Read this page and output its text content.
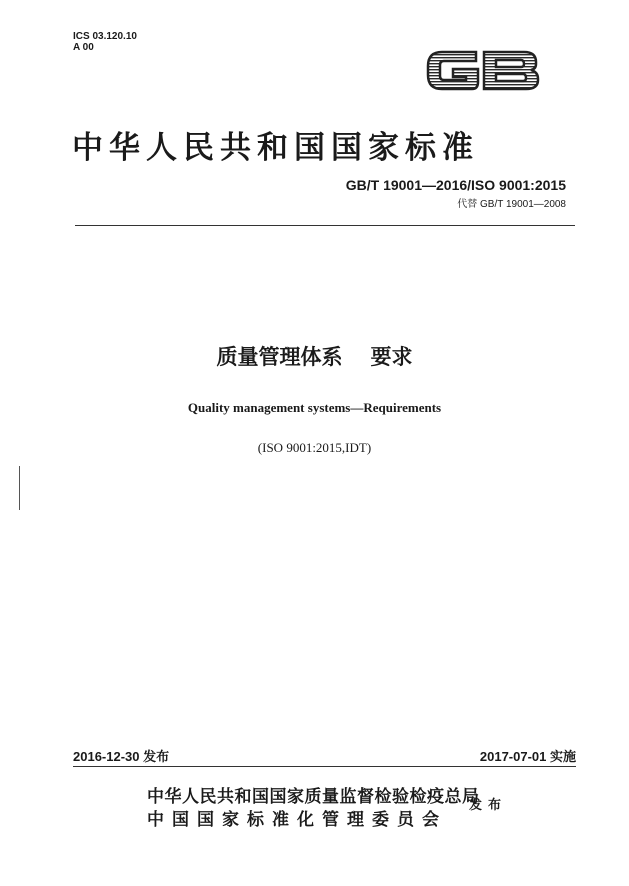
ICS 03.120.10
A 00
中华人民共和国国家标准
GB/T 19001—2016/ISO 9001:2015
代替 GB/T 19001—2008
质量管理体系 要求
Quality management systems—Requirements
(ISO 9001:2015,IDT)
2016-12-30 发布	2017-07-01 实施
中华人民共和国国家质量监督检验检疫总局
中国国家标准化管理委员会
发布
